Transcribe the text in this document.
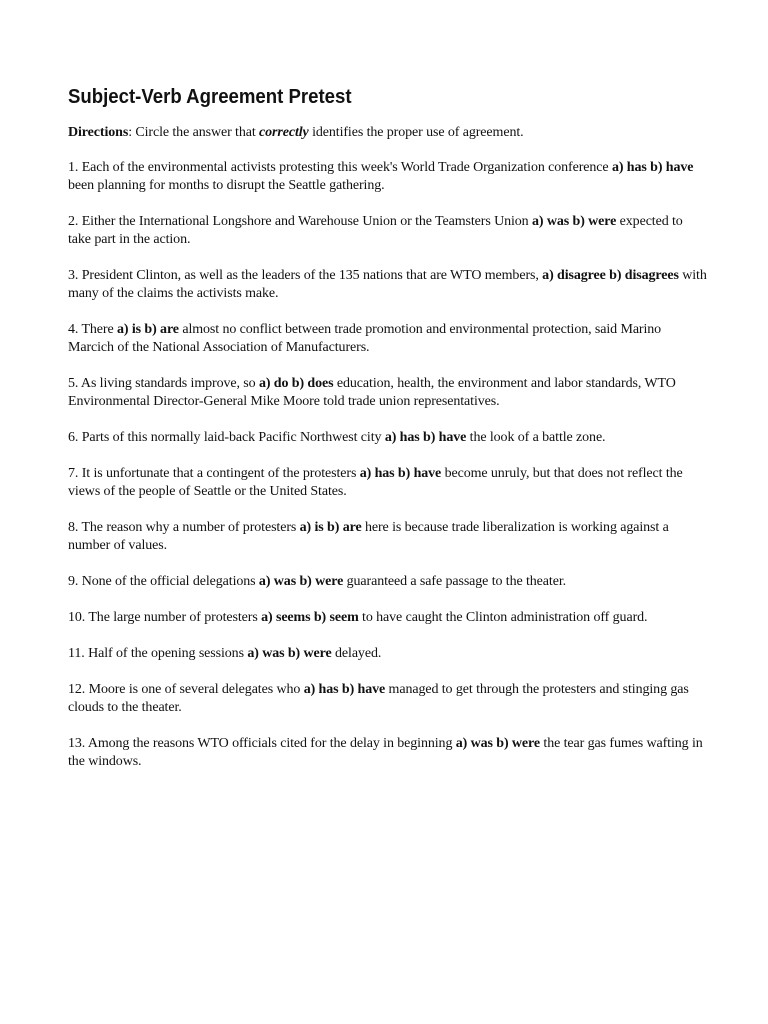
Subject-Verb Agreement Pretest

Directions: Circle the answer that correctly identifies the proper use of agreement.

1. Each of the environmental activists protesting this week's World Trade Organization conference a) has b) have been planning for months to disrupt the Seattle gathering.

2. Either the International Longshore and Warehouse Union or the Teamsters Union a) was b) were expected to take part in the action.

3. President Clinton, as well as the leaders of the 135 nations that are WTO members, a) disagree b) disagrees with many of the claims the activists make.

4. There a) is b) are almost no conflict between trade promotion and environmental protection, said Marino Marcich of the National Association of Manufacturers.

5. As living standards improve, so a) do b) does education, health, the environment and labor standards, WTO Environmental Director-General Mike Moore told trade union representatives.

6. Parts of this normally laid-back Pacific Northwest city a) has b) have the look of a battle zone.

7. It is unfortunate that a contingent of the protesters a) has b) have become unruly, but that does not reflect the views of the people of Seattle or the United States.

8. The reason why a number of protesters a) is b) are here is because trade liberalization is working against a number of values.

9. None of the official delegations a) was b) were guaranteed a safe passage to the theater.

10. The large number of protesters a) seems b) seem to have caught the Clinton administration off guard.

11. Half of the opening sessions a) was b) were delayed.

12. Moore is one of several delegates who a) has b) have managed to get through the protesters and stinging gas clouds to the theater.

13. Among the reasons WTO officials cited for the delay in beginning a) was b) were the tear gas fumes wafting in the windows.
